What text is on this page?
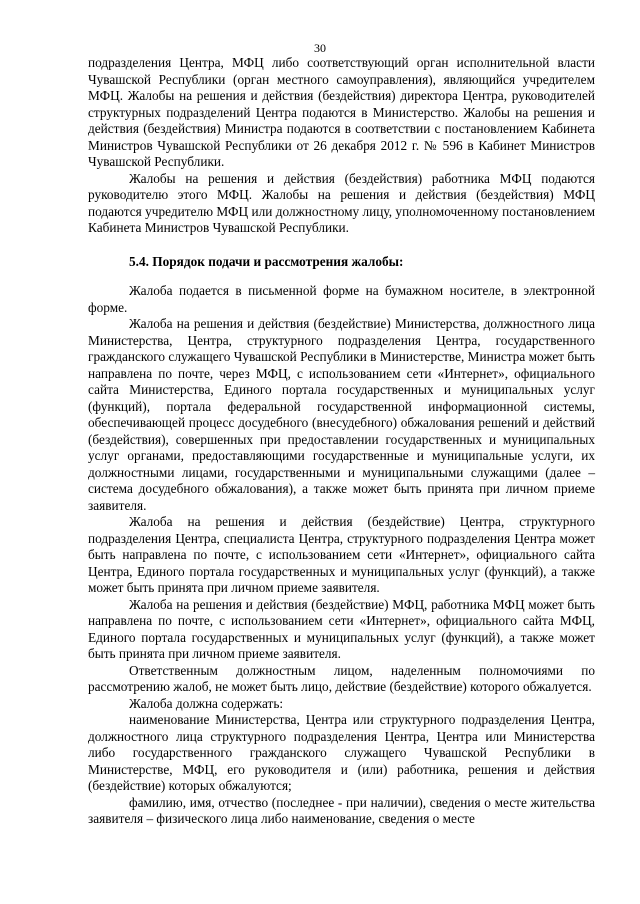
30

подразделения Центра, МФЦ либо соответствующий орган исполнительной власти Чувашской Республики (орган местного самоуправления), являющийся учредителем МФЦ. Жалобы на решения и действия (бездействия) директора Центра, руководителей структурных подразделений Центра подаются в Министерство. Жалобы на решения и действия (бездействия) Министра подаются в соответствии с постановлением Кабинета Министров Чувашской Республики от 26 декабря 2012 г. № 596 в Кабинет Министров Чувашской Республики.

Жалобы на решения и действия (бездействия) работника МФЦ подаются руководителю этого МФЦ. Жалобы на решения и действия (бездействия) МФЦ подаются учредителю МФЦ или должностному лицу, уполномоченному постановлением Кабинета Министров Чувашской Республики.

5.4. Порядок подачи и рассмотрения жалобы:

Жалоба подается в письменной форме на бумажном носителе, в электронной форме.

Жалоба на решения и действия (бездействие) Министерства, должностного лица Министерства, Центра, структурного подразделения Центра, государственного гражданского служащего Чувашской Республики в Министерстве, Министра может быть направлена по почте, через МФЦ, с использованием сети «Интернет», официального сайта Министерства, Единого портала государственных и муниципальных услуг (функций), портала федеральной государственной информационной системы, обеспечивающей процесс досудебного (внесудебного) обжалования решений и действий (бездействия), совершенных при предоставлении государственных и муниципальных услуг органами, предоставляющими государственные и муниципальные услуги, их должностными лицами, государственными и муниципальными служащими (далее – система досудебного обжалования), а также может быть принята при личном приеме заявителя.

Жалоба на решения и действия (бездействие) Центра, структурного подразделения Центра, специалиста Центра, структурного подразделения Центра может быть направлена по почте, с использованием сети «Интернет», официального сайта Центра, Единого портала государственных и муниципальных услуг (функций), а также может быть принята при личном приеме заявителя.

Жалоба на решения и действия (бездействие) МФЦ, работника МФЦ может быть направлена по почте, с использованием сети «Интернет», официального сайта МФЦ, Единого портала государственных и муниципальных услуг (функций), а также может быть принята при личном приеме заявителя.

Ответственным должностным лицом, наделенным полномочиями по рассмотрению жалоб, не может быть лицо, действие (бездействие) которого обжалуется.

Жалоба должна содержать:

наименование Министерства, Центра или структурного подразделения Центра, должностного лица структурного подразделения Центра, Центра или Министерства либо государственного гражданского служащего Чувашской Республики в Министерстве, МФЦ, его руководителя и (или) работника, решения и действия (бездействие) которых обжалуются;

фамилию, имя, отчество (последнее - при наличии), сведения о месте жительства заявителя – физического лица либо наименование, сведения о месте
